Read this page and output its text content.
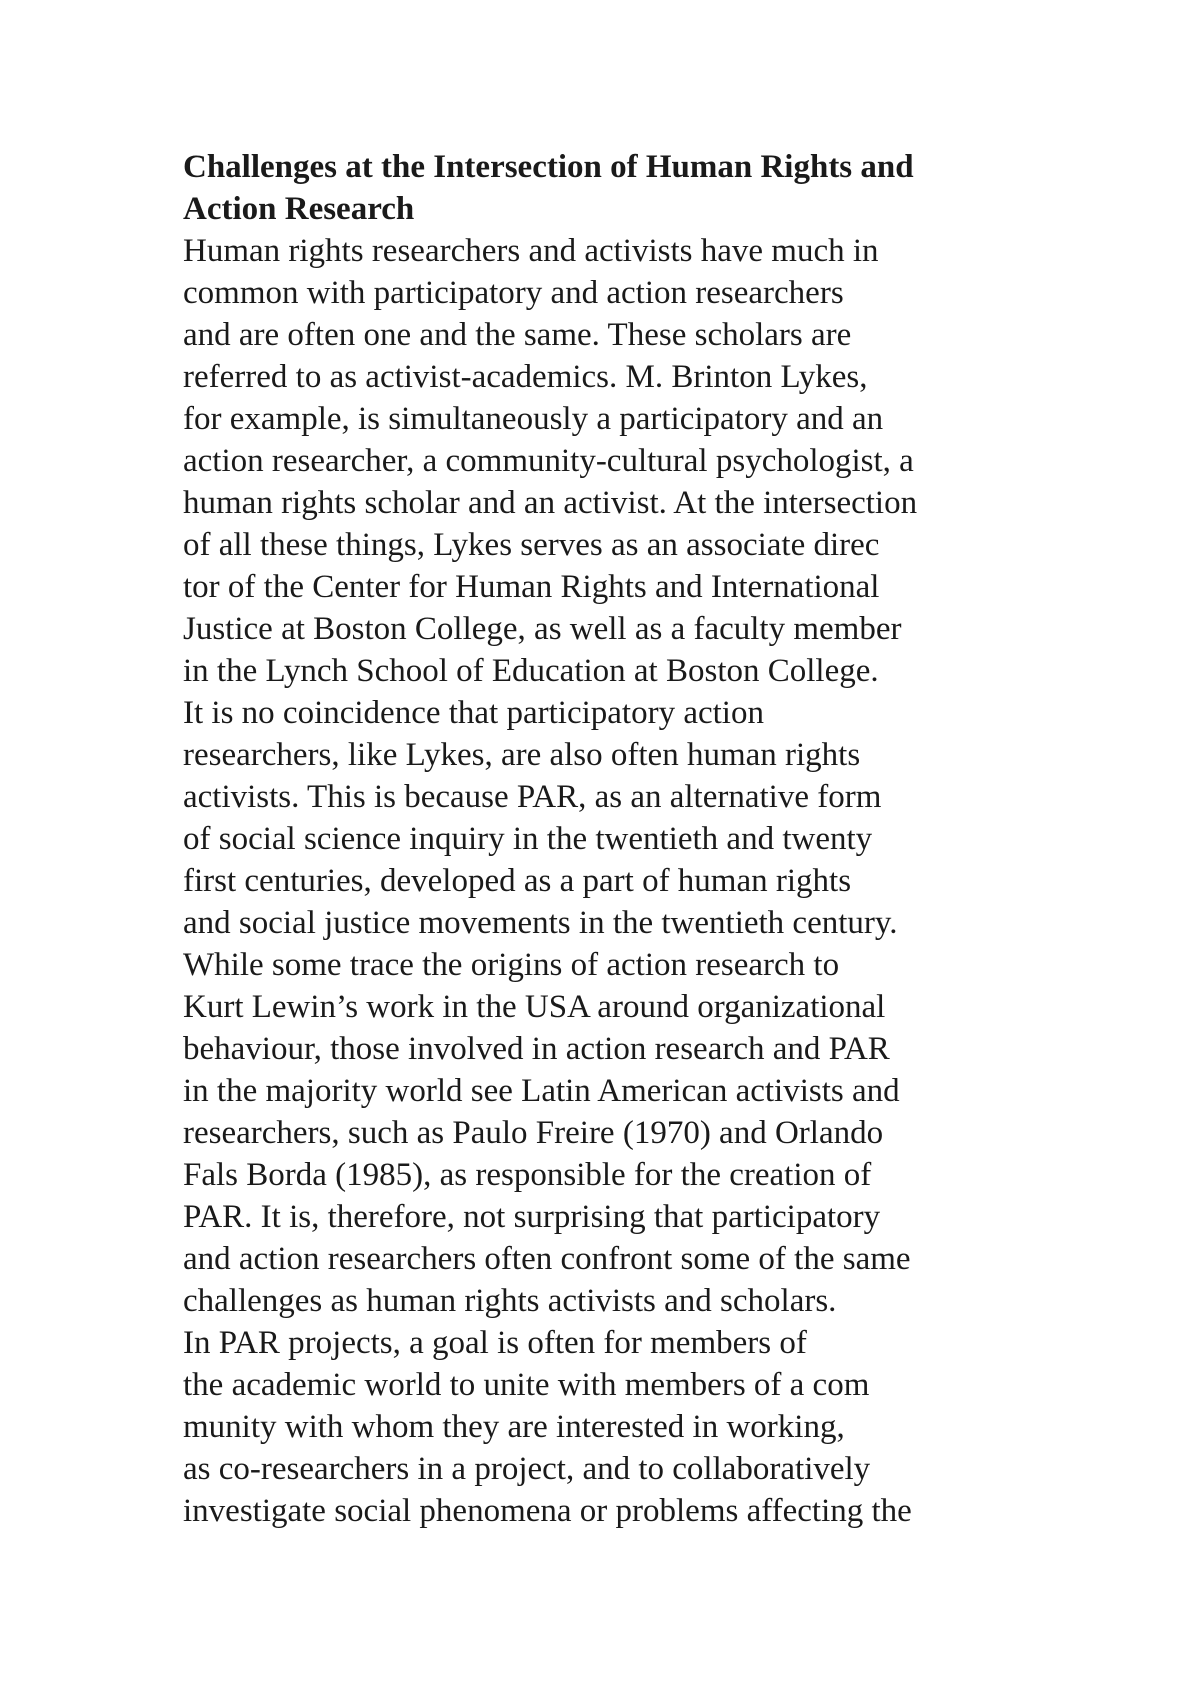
Challenges at the Intersection of Human Rights and
Action Research
Human rights researchers and activists have much in
common with participatory and action researchers
and are often one and the same. These scholars are
referred to as activist-academics. M. Brinton Lykes,
for example, is simultaneously a participatory and an
action researcher, a community-cultural psychologist, a
human rights scholar and an activist. At the intersection
of all these things, Lykes serves as an associate direc
tor of the Center for Human Rights and International
Justice at Boston College, as well as a faculty member
in the Lynch School of Education at Boston College.
It is no coincidence that participatory action
researchers, like Lykes, are also often human rights
activists. This is because PAR, as an alternative form
of social science inquiry in the twentieth and twenty
first centuries, developed as a part of human rights
and social justice movements in the twentieth century.
While some trace the origins of action research to
Kurt Lewin’s work in the USA around organizational
behaviour, those involved in action research and PAR
in the majority world see Latin American activists and
researchers, such as Paulo Freire (1970) and Orlando
Fals Borda (1985), as responsible for the creation of
PAR. It is, therefore, not surprising that participatory
and action researchers often confront some of the same
challenges as human rights activists and scholars.
In PAR projects, a goal is often for members of
the academic world to unite with members of a com
munity with whom they are interested in working,
as co-researchers in a project, and to collaboratively
investigate social phenomena or problems affecting the
